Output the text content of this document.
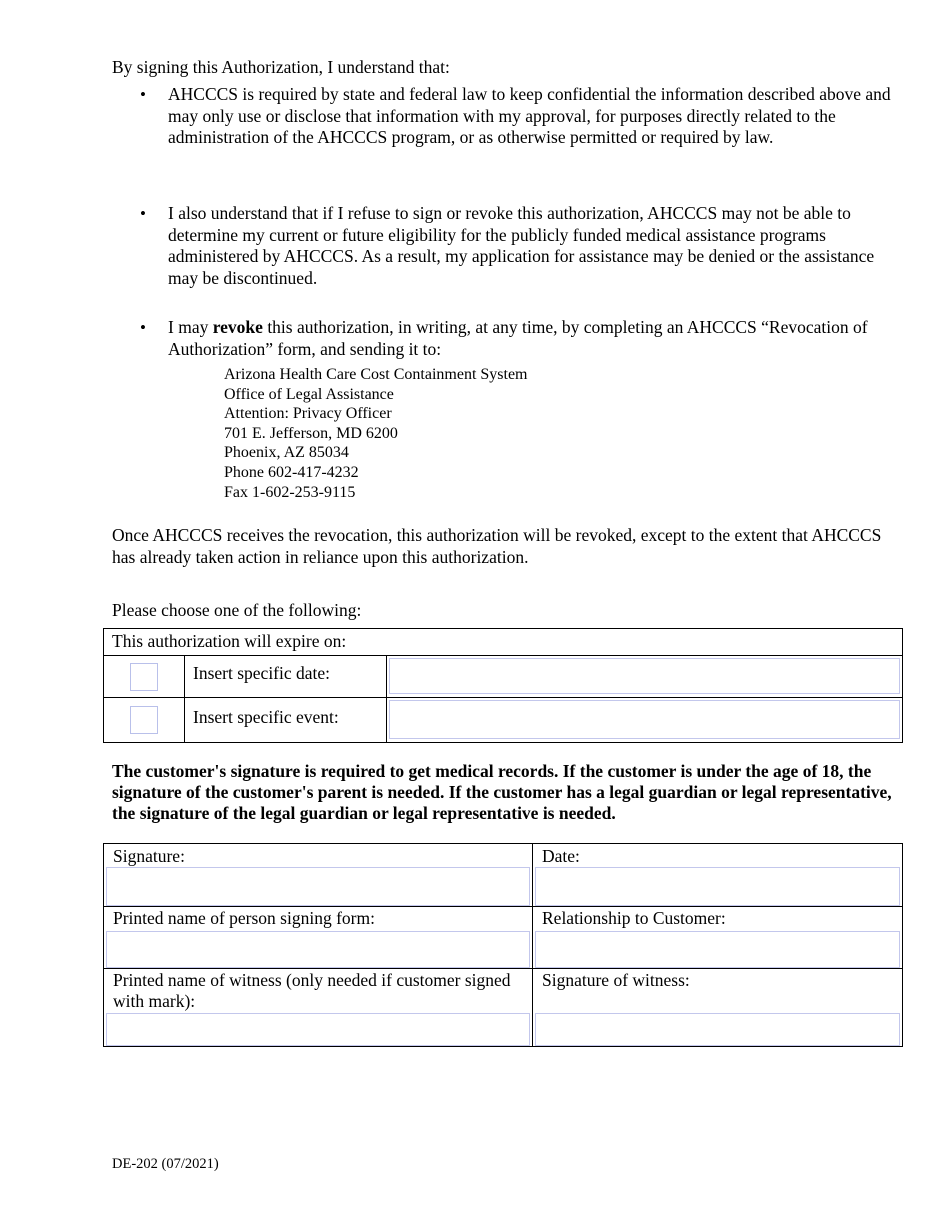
By signing this Authorization, I understand that:
• AHCCCS is required by state and federal law to keep confidential the information described above and may only use or disclose that information with my approval, for purposes directly related to the administration of the AHCCCS program, or as otherwise permitted or required by law.
• I also understand that if I refuse to sign or revoke this authorization, AHCCCS may not be able to determine my current or future eligibility for the publicly funded medical assistance programs administered by AHCCCS. As a result, my application for assistance may be denied or the assistance may be discontinued.
• I may revoke this authorization, in writing, at any time, by completing an AHCCCS “Revocation of Authorization” form, and sending it to:
Arizona Health Care Cost Containment System
Office of Legal Assistance
Attention: Privacy Officer
701 E. Jefferson, MD 6200
Phoenix, AZ 85034
Phone 602-417-4232
Fax 1-602-253-9115
Once AHCCCS receives the revocation, this authorization will be revoked, except to the extent that AHCCCS has already taken action in reliance upon this authorization.
Please choose one of the following:
This authorization will expire on:		

	Insert specific date:	

	Insert specific event:	
The customer's signature is required to get medical records. If the customer is under the age of 18, the signature of the customer's parent is needed. If the customer has a legal guardian or legal representative, the signature of the legal guardian or legal representative is needed.
Signature:	Date:

Printed name of person signing form:	Relationship to Customer:

Printed name of witness (only needed if customer signed with mark):	Signature of witness:
DE-202 (07/2021)
